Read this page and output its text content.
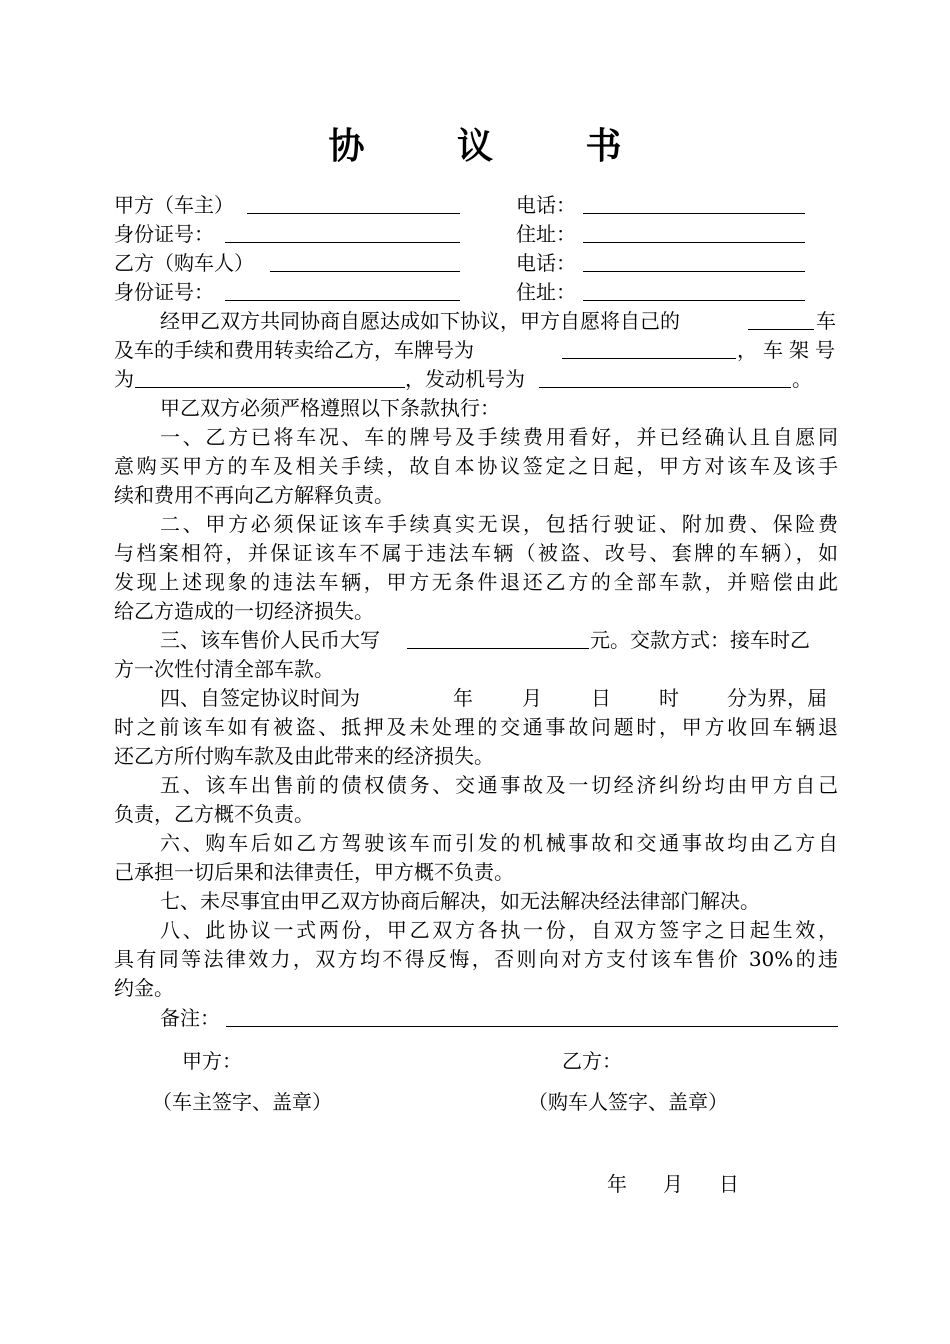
协 议 书
甲方（车主）	电话：
身份证号：	住址：
乙方（购车人）	电话：
身份证号：	住址：
经甲乙双方共同协商自愿达成如下协议，甲方自愿将自己的	车
及车的手续和费用转卖给乙方，车牌号为	，车架号
为	，发动机号为	。
甲乙双方必须严格遵照以下条款执行：
一、乙方已将车况、车的牌号及手续费用看好，并已经确认且自愿同
意购买甲方的车及相关手续，故自本协议签定之日起，甲方对该车及该手
续和费用不再向乙方解释负责。
二、甲方必须保证该车手续真实无误，包括行驶证、附加费、保险费
与档案相符，并保证该车不属于违法车辆（被盗、改号、套牌的车辆），如
发现上述现象的违法车辆，甲方无条件退还乙方的全部车款，并赔偿由此
给乙方造成的一切经济损失。
三、该车售价人民币大写	元。交款方式：接车时乙
方一次性付清全部车款。
四、自签定协议时间为	年 月 日 时 分为界，届
时之前该车如有被盗、抵押及未处理的交通事故问题时，甲方收回车辆退
还乙方所付购车款及由此带来的经济损失。
五、该车出售前的债权债务、交通事故及一切经济纠纷均由甲方自己
负责，乙方概不负责。
六、购车后如乙方驾驶该车而引发的机械事故和交通事故均由乙方自
己承担一切后果和法律责任，甲方概不负责。
七、未尽事宜由甲乙双方协商后解决，如无法解决经法律部门解决。
八、此协议一式两份，甲乙双方各执一份，自双方签字之日起生效，
具有同等法律效力，双方均不得反悔，否则向对方支付该车售价 30%的违
约金。
备注：
甲方：	乙方：
（车主签字、盖章）	（购车人签字、盖章）
年 月 日
